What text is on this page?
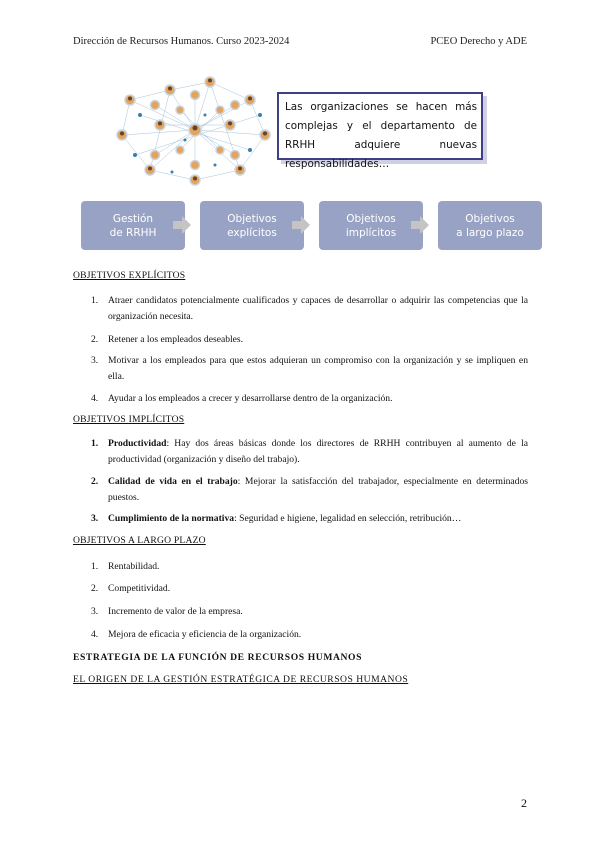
Dirección de Recursos Humanos. Curso 2023-2024	PCEO Derecho y ADE
Las organizaciones se hacen más complejas y el departamento de RRHH adquiere nuevas responsabilidades…
Gestión
de RRHH
Objetivos
explícitos
Objetivos
implícitos
Objetivos
a largo plazo
OBJETIVOS EXPLÍCITOS
1. Atraer candidatos potencialmente cualificados y capaces de desarrollar o adquirir las competencias que la organización necesita.
2. Retener a los empleados deseables.
3. Motivar a los empleados para que estos adquieran un compromiso con la organización y se impliquen en ella.
4. Ayudar a los empleados a crecer y desarrollarse dentro de la organización.
OBJETIVOS IMPLÍCITOS
1. Productividad: Hay dos áreas básicas donde los directores de RRHH contribuyen al aumento de la productividad (organización y diseño del trabajo).
2. Calidad de vida en el trabajo: Mejorar la satisfacción del trabajador, especialmente en determinados puestos.
3. Cumplimiento de la normativa: Seguridad e higiene, legalidad en selección, retribución…
OBJETIVOS A LARGO PLAZO
1. Rentabilidad.
2. Competitividad.
3. Incremento de valor de la empresa.
4. Mejora de eficacia y eficiencia de la organización.
ESTRATEGIA DE LA FUNCIÓN DE RECURSOS HUMANOS
EL ORIGEN DE LA GESTIÓN ESTRATÉGICA DE RECURSOS HUMANOS
2
